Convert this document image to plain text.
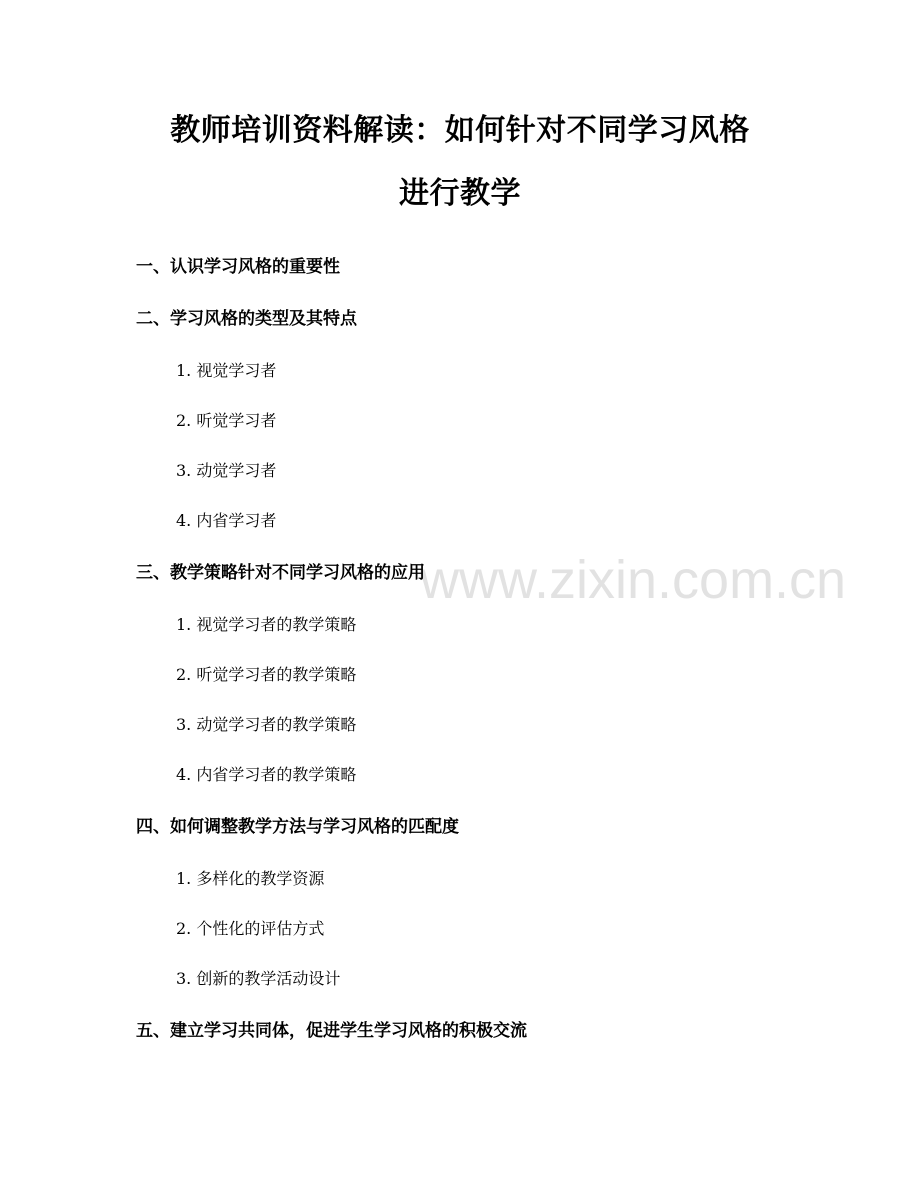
www.zixin.com.cn
教师培训资料解读：如何针对不同学习风格
进行教学
一、认识学习风格的重要性
二、学习风格的类型及其特点
1. 视觉学习者
2. 听觉学习者
3. 动觉学习者
4. 内省学习者
三、教学策略针对不同学习风格的应用
1. 视觉学习者的教学策略
2. 听觉学习者的教学策略
3. 动觉学习者的教学策略
4. 内省学习者的教学策略
四、如何调整教学方法与学习风格的匹配度
1. 多样化的教学资源
2. 个性化的评估方式
3. 创新的教学活动设计
五、建立学习共同体，促进学生学习风格的积极交流
